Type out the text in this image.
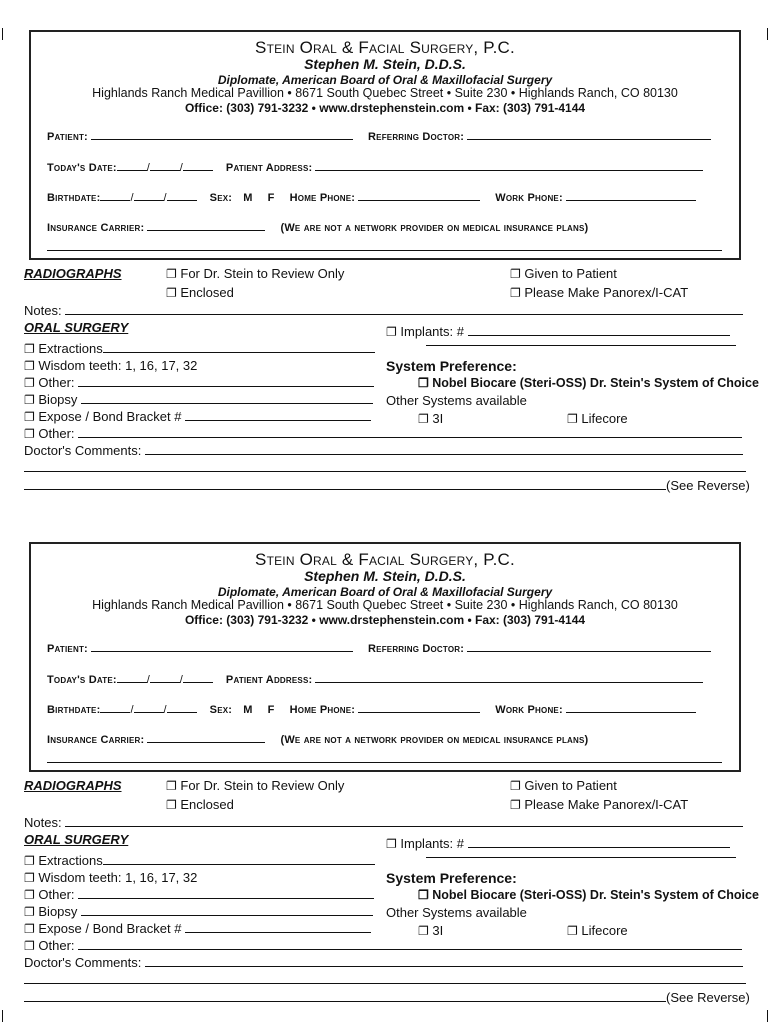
Stein Oral & Facial Surgery, P.C.
Stephen M. Stein, D.D.S.
Diplomate, American Board of Oral & Maxillofacial Surgery
Highlands Ranch Medical Pavillion • 8671 South Quebec Street • Suite 230 • Highlands Ranch, CO 80130
Office: (303) 791-3232 • www.drstephenstein.com • Fax: (303) 791-4144
Patient:	Referring Doctor:
Today's Date:	/	/	Patient Address:
Birthdate:	/	/	Sex: M F Home Phone:	Work Phone:
Insurance Carrier:	(We are not a network provider on medical insurance plans)
RADIOGRAPHS	❐ For Dr. Stein to Review Only
❐ Enclosed
❐ Given to Patient
❐ Please Make Panorex/I-CAT
Notes:
ORAL SURGERY
❐ Extractions
❐ Wisdom teeth: 1, 16, 17, 32
❐ Other:
❐ Biopsy
❐ Expose / Bond Bracket #
❐ Other:
❐ Implants: #
System Preference:
❐ Nobel Biocare (Steri-OSS) Dr. Stein's System of Choice
Other Systems available
❐ 3I	❐ Lifecore
Doctor's Comments:
(See Reverse)
Stein Oral & Facial Surgery, P.C.
Stephen M. Stein, D.D.S.
Diplomate, American Board of Oral & Maxillofacial Surgery
Highlands Ranch Medical Pavillion • 8671 South Quebec Street • Suite 230 • Highlands Ranch, CO 80130
Office: (303) 791-3232 • www.drstephenstein.com • Fax: (303) 791-4144
Patient:	Referring Doctor:
Today's Date:	/	/	Patient Address:
Birthdate:	/	/	Sex: M F Home Phone:	Work Phone:
Insurance Carrier:	(We are not a network provider on medical insurance plans)
RADIOGRAPHS	❐ For Dr. Stein to Review Only
❐ Enclosed
❐ Given to Patient
❐ Please Make Panorex/I-CAT
Notes:
ORAL SURGERY
❐ Extractions
❐ Wisdom teeth: 1, 16, 17, 32
❐ Other:
❐ Biopsy
❐ Expose / Bond Bracket #
❐ Other:
❐ Implants: #
System Preference:
❐ Nobel Biocare (Steri-OSS) Dr. Stein's System of Choice
Other Systems available
❐ 3I	❐ Lifecore
Doctor's Comments:
(See Reverse)
